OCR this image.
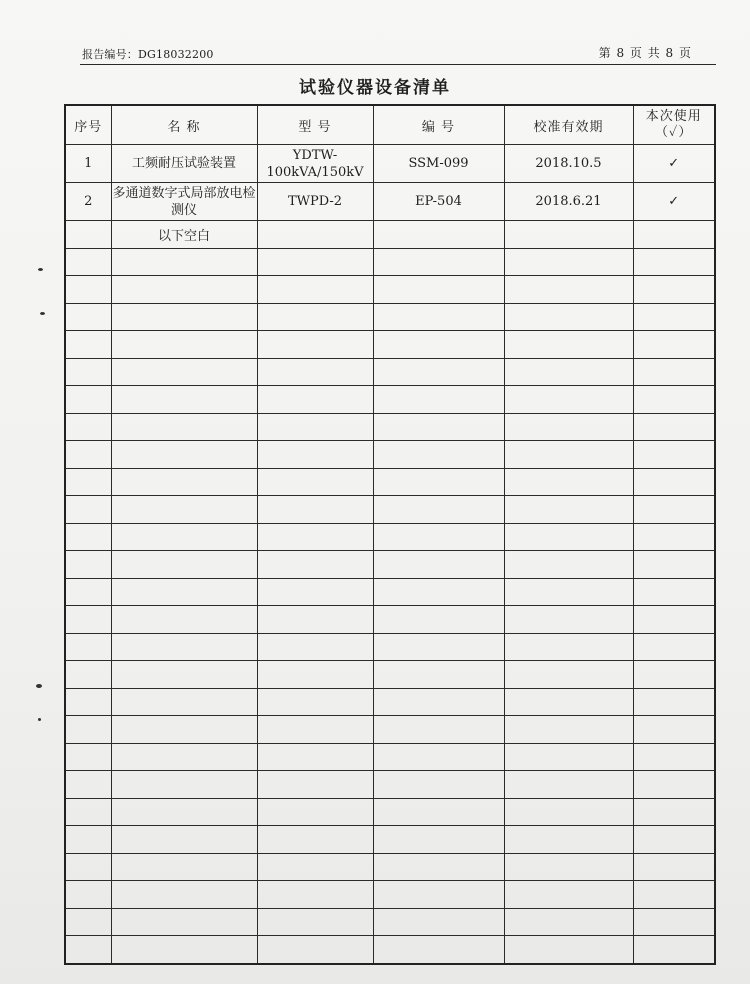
报告编号：DG18032200	第 8 页 共 8 页
试验仪器设备清单
序号	名 称	型 号	编 号	校准有效期	本次使用
（✓）

1	工频耐压试验装置	YDTW-100kVA/150kV	SSM-099	2018.10.5	✓
2	多通道数字式局部放电检测仪	TWPD-2	EP-504	2018.6.21	✓
	以下空白				
